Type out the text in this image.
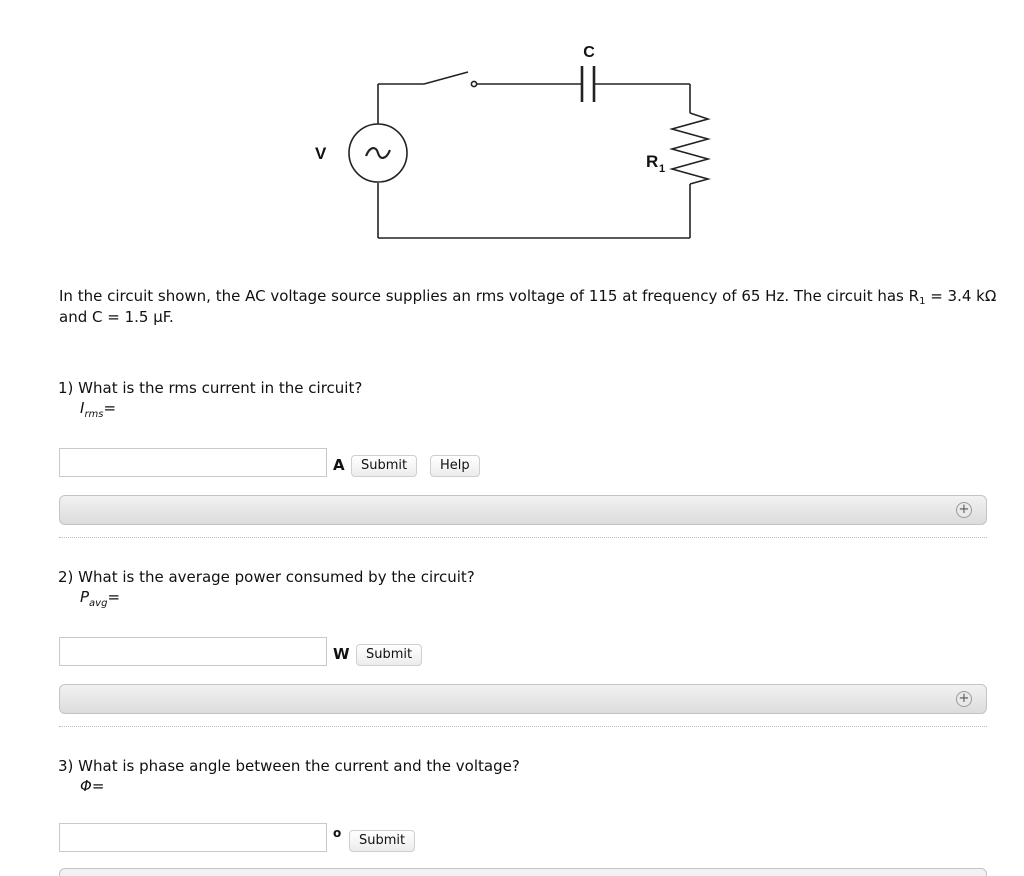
V
C
R 1
In the circuit shown, the AC voltage source supplies an rms voltage of 115 at frequency of 65 Hz. The circuit has $R_1 = 3.4$ kΩ and C = 1.5 μF.
1) What is the rms current in the circuit?
$I_{rms}=$
A	Submit	Help
+
2) What is the average power consumed by the circuit?
$P_{avg}=$
W	Submit
+
3) What is phase angle between the current and the voltage?
Φ=
o	Submit
